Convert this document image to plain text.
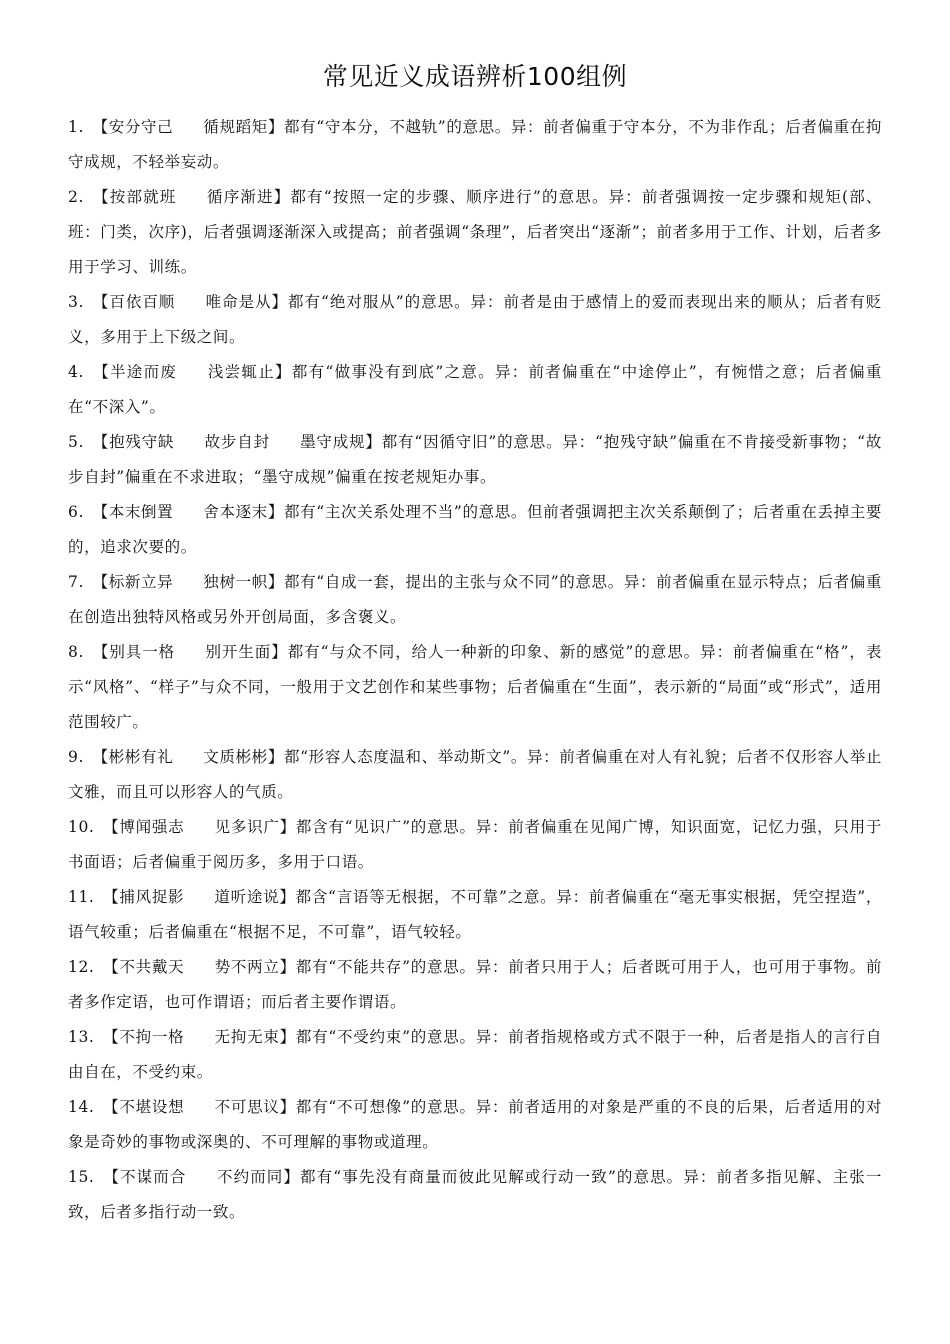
常见近义成语辨析100组例

1. 【安分守己 循规蹈矩】都有“守本分，不越轨”的意思。异：前者偏重于守本分，不为非作乱；后者偏重在拘守成规，不轻举妄动。

2. 【按部就班 循序渐进】都有“按照一定的步骤、顺序进行”的意思。异：前者强调按一定步骤和规矩(部、班：门类，次序)，后者强调逐渐深入或提高；前者强调“条理”，后者突出“逐渐”；前者多用于工作、计划，后者多用于学习、训练。

3. 【百依百顺 唯命是从】都有“绝对服从”的意思。异：前者是由于感情上的爱而表现出来的顺从；后者有贬义，多用于上下级之间。

4. 【半途而废 浅尝辄止】都有“做事没有到底”之意。异：前者偏重在“中途停止”，有惋惜之意；后者偏重在“不深入”。

5. 【抱残守缺 故步自封 墨守成规】都有“因循守旧”的意思。异：“抱残守缺”偏重在不肯接受新事物；“故步自封”偏重在不求进取；“墨守成规”偏重在按老规矩办事。

6. 【本末倒置 舍本逐末】都有“主次关系处理不当”的意思。但前者强调把主次关系颠倒了；后者重在丢掉主要的，追求次要的。

7. 【标新立异 独树一帜】都有“自成一套，提出的主张与众不同”的意思。异：前者偏重在显示特点；后者偏重在创造出独特风格或另外开创局面，多含褒义。

8. 【别具一格 别开生面】都有“与众不同，给人一种新的印象、新的感觉”的意思。异：前者偏重在“格”，表示“风格”、“样子”与众不同，一般用于文艺创作和某些事物；后者偏重在“生面”，表示新的“局面”或“形式”，适用范围较广。

9. 【彬彬有礼 文质彬彬】都“形容人态度温和、举动斯文”。异：前者偏重在对人有礼貌；后者不仅形容人举止文雅，而且可以形容人的气质。

10. 【博闻强志 见多识广】都含有“见识广”的意思。异：前者偏重在见闻广博，知识面宽，记忆力强，只用于书面语；后者偏重于阅历多，多用于口语。

11. 【捕风捉影 道听途说】都含“言语等无根据，不可靠”之意。异：前者偏重在“毫无事实根据，凭空捏造”，语气较重；后者偏重在“根据不足，不可靠”，语气较轻。

12. 【不共戴天 势不两立】都有“不能共存”的意思。异：前者只用于人；后者既可用于人，也可用于事物。前者多作定语，也可作谓语；而后者主要作谓语。

13. 【不拘一格 无拘无束】都有“不受约束”的意思。异：前者指规格或方式不限于一种，后者是指人的言行自由自在，不受约束。

14. 【不堪设想 不可思议】都有“不可想像”的意思。异：前者适用的对象是严重的不良的后果，后者适用的对象是奇妙的事物或深奥的、不可理解的事物或道理。

15. 【不谋而合 不约而同】都有“事先没有商量而彼此见解或行动一致”的意思。异：前者多指见解、主张一致，后者多指行动一致。
